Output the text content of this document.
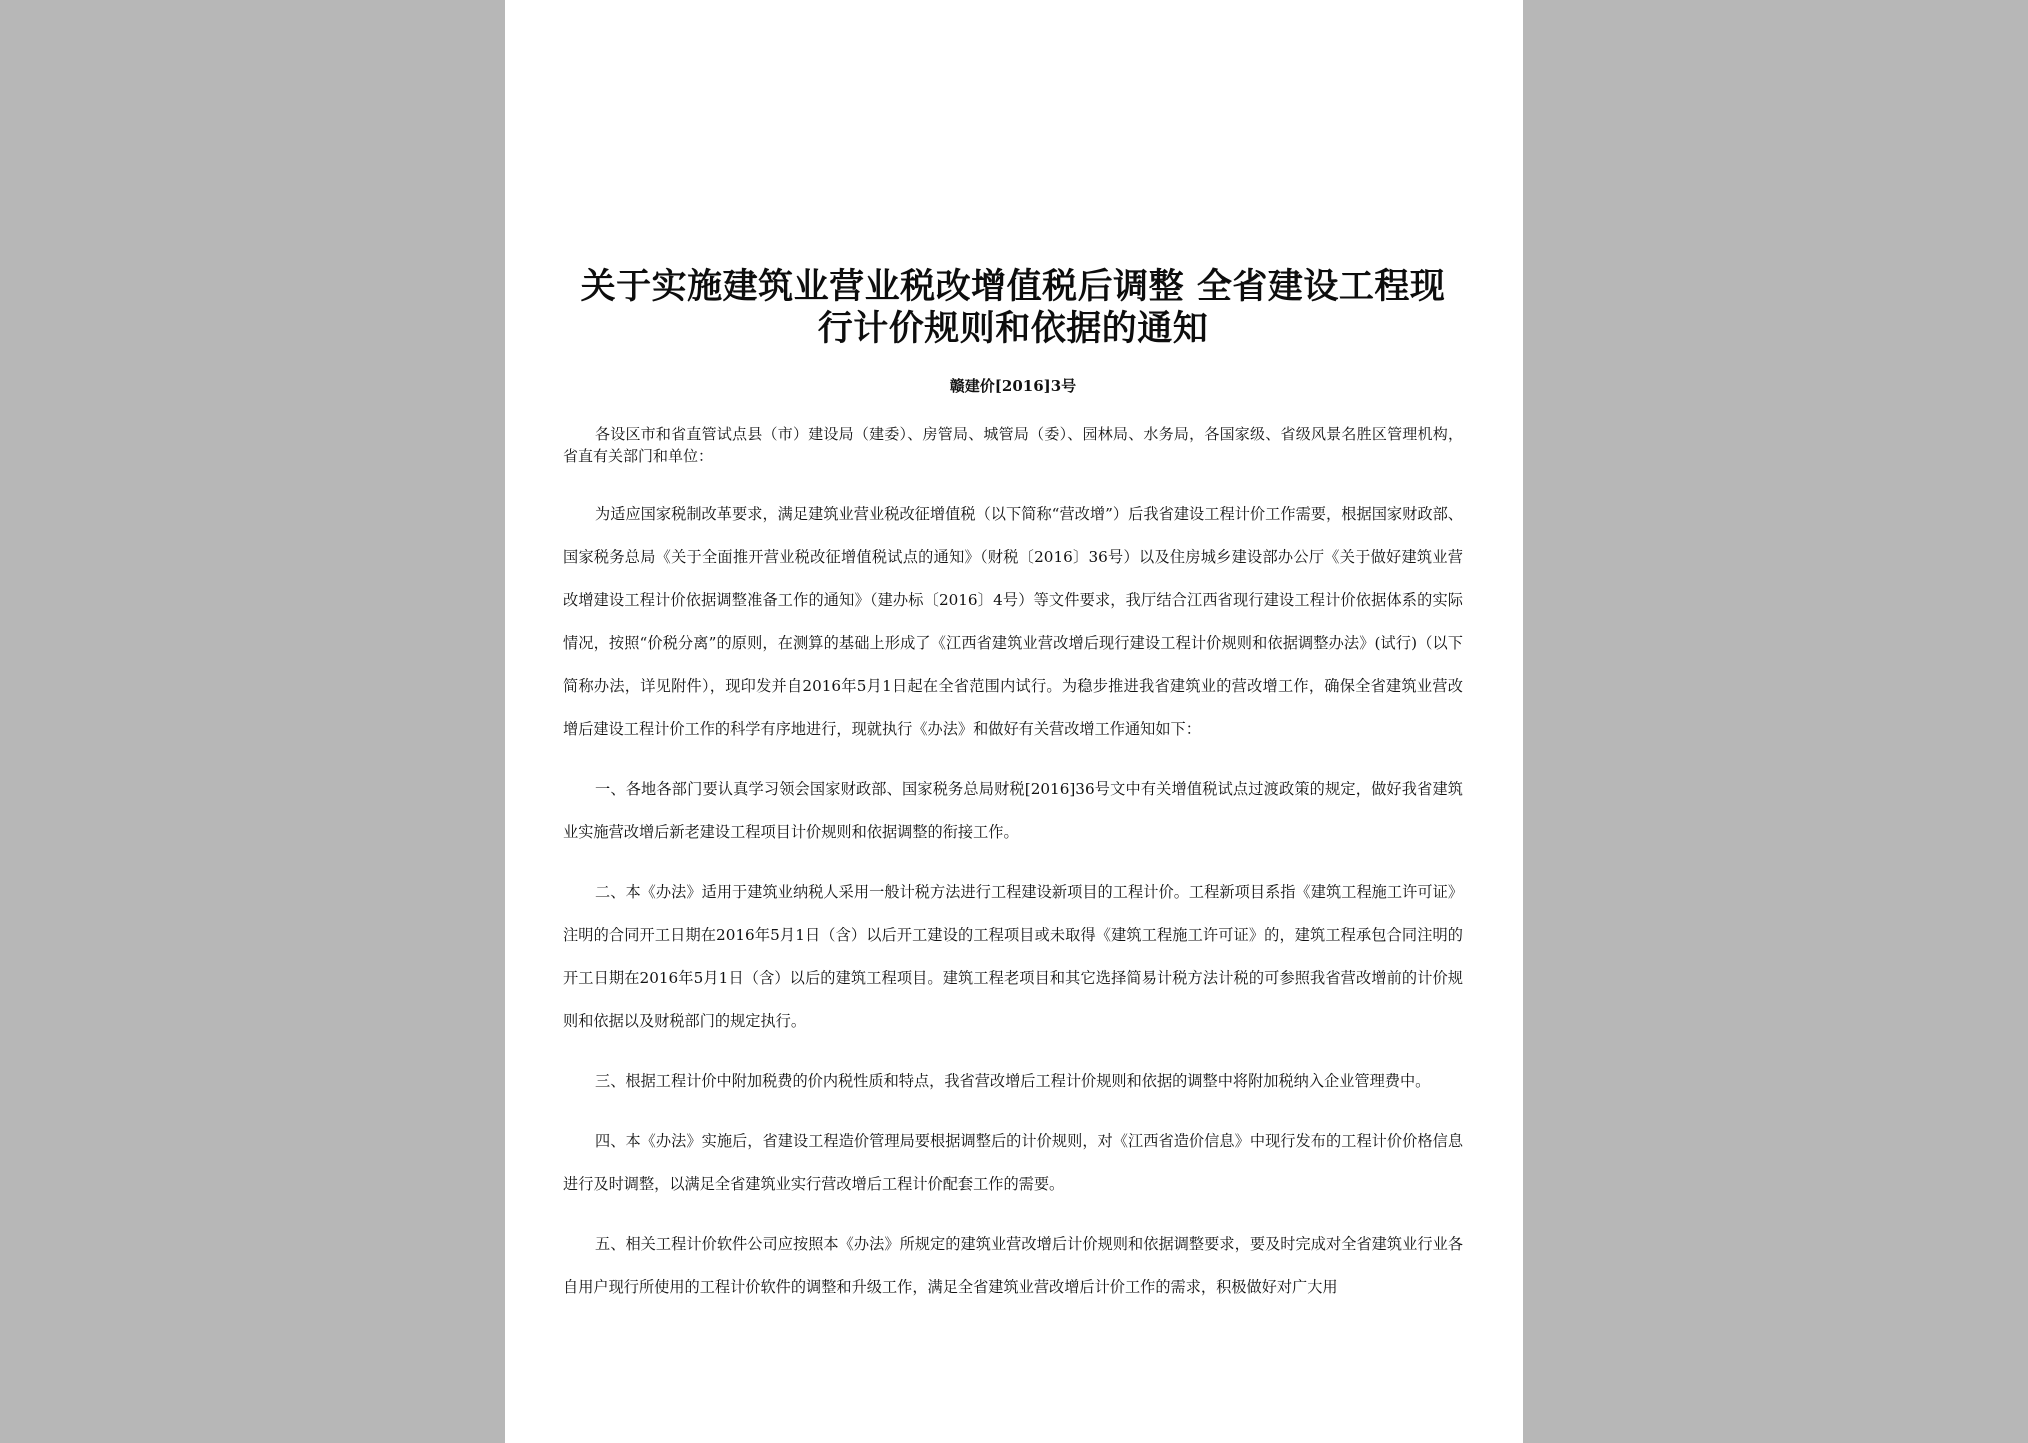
关于实施建筑业营业税改增值税后调整 全省建设工程现
行计价规则和依据的通知
赣建价[2016]3号

各设区市和省直管试点县（市）建设局（建委）、房管局、城管局（委）、园林局、水务局，各国家级、省级风景名胜区管理机构，省直有关部门和单位：

为适应国家税制改革要求，满足建筑业营业税改征增值税（以下简称“营改增”）后我省建设工程计价工作需要，根据国家财政部、国家税务总局《关于全面推开营业税改征增值税试点的通知》（财税〔2016〕36号）以及住房城乡建设部办公厅《关于做好建筑业营改增建设工程计价依据调整准备工作的通知》（建办标〔2016〕4号）等文件要求，我厅结合江西省现行建设工程计价依据体系的实际情况，按照“价税分离”的原则，在测算的基础上形成了《江西省建筑业营改增后现行建设工程计价规则和依据调整办法》(试行)（以下简称办法，详见附件），现印发并自2016年5月1日起在全省范围内试行。为稳步推进我省建筑业的营改增工作，确保全省建筑业营改增后建设工程计价工作的科学有序地进行，现就执行《办法》和做好有关营改增工作通知如下：

一、各地各部门要认真学习领会国家财政部、国家税务总局财税[2016]36号文中有关增值税试点过渡政策的规定，做好我省建筑业实施营改增后新老建设工程项目计价规则和依据调整的衔接工作。

二、本《办法》适用于建筑业纳税人采用一般计税方法进行工程建设新项目的工程计价。工程新项目系指《建筑工程施工许可证》注明的合同开工日期在2016年5月1日（含）以后开工建设的工程项目或未取得《建筑工程施工许可证》的，建筑工程承包合同注明的开工日期在2016年5月1日（含）以后的建筑工程项目。建筑工程老项目和其它选择简易计税方法计税的可参照我省营改增前的计价规则和依据以及财税部门的规定执行。

三、根据工程计价中附加税费的价内税性质和特点，我省营改增后工程计价规则和依据的调整中将附加税纳入企业管理费中。

四、本《办法》实施后，省建设工程造价管理局要根据调整后的计价规则，对《江西省造价信息》中现行发布的工程计价价格信息进行及时调整，以满足全省建筑业实行营改增后工程计价配套工作的需要。

五、相关工程计价软件公司应按照本《办法》所规定的建筑业营改增后计价规则和依据调整要求，要及时完成对全省建筑业行业各自用户现行所使用的工程计价软件的调整和升级工作，满足全省建筑业营改增后计价工作的需求，积极做好对广大用
